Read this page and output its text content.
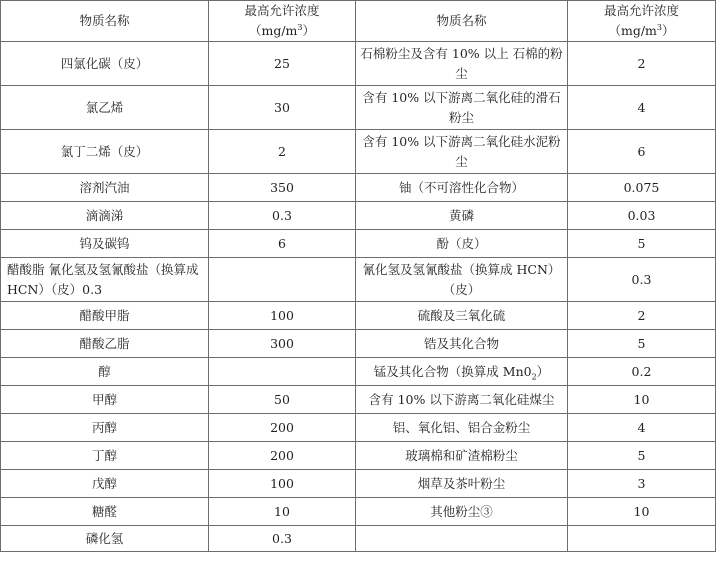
物质名称	最高允许浓度$(mg/m^3)$	物质名称	最高允许浓度$(mg/m^3)$
四氯化碳（皮）	25	石棉粉尘及含有 10% 以上 石棉的粉尘	2
氯乙烯	30	含有 10% 以下游离二氧化硅的滑石粉尘	4
氯丁二烯（皮）	2	含有 10% 以下游离二氧化硅水泥粉尘	6
溶剂汽油	350	铀（不可溶性化合物）	0.075
滴滴涕	0.3	黄磷	0.03
钨及碳钨	6	酚（皮）	5
醋酸脂 氰化氢及氢氰酸盐（换算成 HCN）（皮）0.3		氰化氢及氢氰酸盐（换算成 HCN）（皮）	0.3
醋酸甲脂	100	硫酸及三氧化硫	2
醋酸乙脂	300	锆及其化合物	5
醇		锰及其化合物（换算成 $Mn0_2$）	0.2
甲醇	50	含有 10% 以下游离二氧化硅煤尘	10
丙醇	200	铝、氧化铝、铝合金粉尘	4
丁醇	200	玻璃棉和矿渣棉粉尘	5
戊醇	100	烟草及茶叶粉尘	3
糖醛	10	其他粉尘③	10
磷化氢	0.3		
